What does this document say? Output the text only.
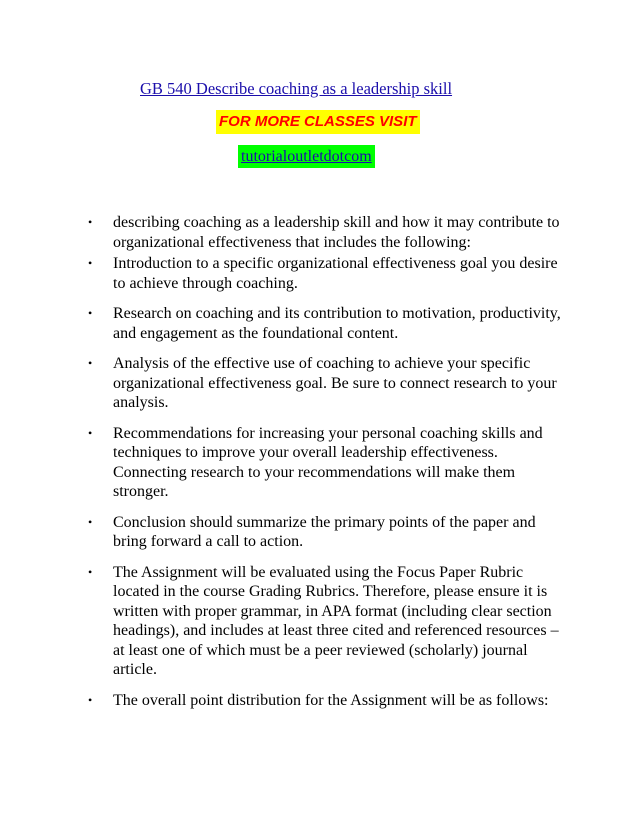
GB 540 Describe coaching as a leadership skill
FOR MORE CLASSES VISIT
tutorialoutletdotcom
• describing coaching as a leadership skill and how it may contribute to organizational effectiveness that includes the following:
• Introduction to a specific organizational effectiveness goal you desire to achieve through coaching.
• Research on coaching and its contribution to motivation, productivity, and engagement as the foundational content.
• Analysis of the effective use of coaching to achieve your specific organizational effectiveness goal. Be sure to connect research to your analysis.
• Recommendations for increasing your personal coaching skills and techniques to improve your overall leadership effectiveness. Connecting research to your recommendations will make them stronger.
• Conclusion should summarize the primary points of the paper and bring forward a call to action.
• The Assignment will be evaluated using the Focus Paper Rubric located in the course Grading Rubrics. Therefore, please ensure it is written with proper grammar, in APA format (including clear section headings), and includes at least three cited and referenced resources – at least one of which must be a peer reviewed (scholarly) journal article.
• The overall point distribution for the Assignment will be as follows:
